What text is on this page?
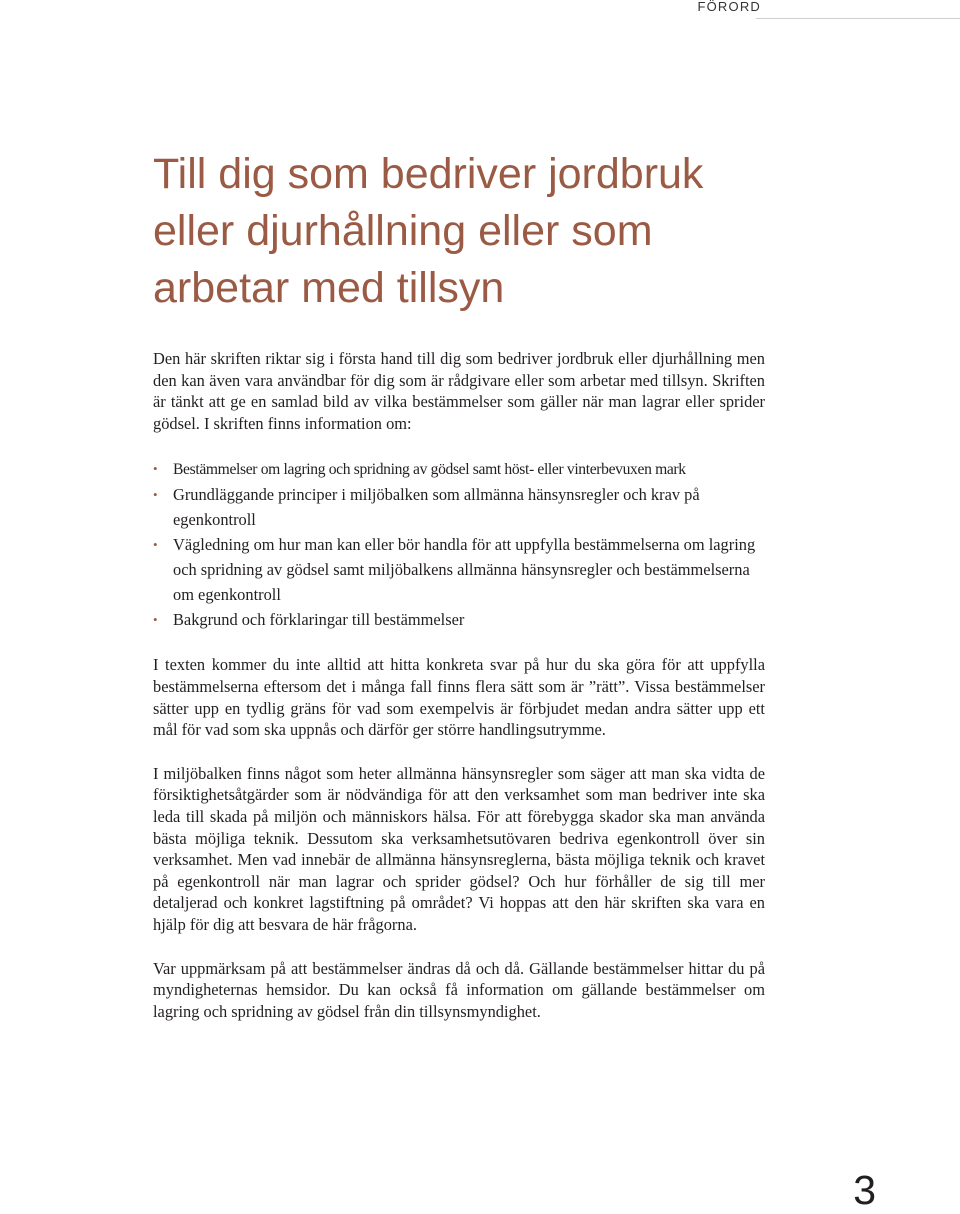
FÖRORD
Till dig som bedriver jordbruk eller djurhållning eller som arbetar med tillsyn

Den här skriften riktar sig i första hand till dig som bedriver jordbruk eller djurhållning men den kan även vara användbar för dig som är rådgivare eller som arbetar med tillsyn. Skriften är tänkt att ge en samlad bild av vilka bestämmelser som gäller när man lagrar eller sprider gödsel. I skriften finns information om:

• Bestämmelser om lagring och spridning av gödsel samt höst- eller vinterbevuxen mark
• Grundläggande principer i miljöbalken som allmänna hänsynsregler och krav på egenkontroll
• Vägledning om hur man kan eller bör handla för att uppfylla bestämmelserna om lagring och spridning av gödsel samt miljöbalkens allmänna hänsynsregler och bestämmelserna om egenkontroll
• Bakgrund och förklaringar till bestämmelser

I texten kommer du inte alltid att hitta konkreta svar på hur du ska göra för att uppfylla bestämmelserna eftersom det i många fall finns flera sätt som är ”rätt”. Vissa bestämmelser sätter upp en tydlig gräns för vad som exempelvis är förbjudet medan andra sätter upp ett mål för vad som ska uppnås och därför ger större handlingsutrymme.

I miljöbalken finns något som heter allmänna hänsynsregler som säger att man ska vidta de försiktighetsåtgärder som är nödvändiga för att den verksamhet som man bedriver inte ska leda till skada på miljön och människors hälsa. För att förebygga skador ska man använda bästa möjliga teknik. Dessutom ska verksamhetsutövaren bedriva egenkontroll över sin verksamhet. Men vad innebär de allmänna hänsynsreglerna, bästa möjliga teknik och kravet på egenkontroll när man lagrar och sprider gödsel? Och hur förhåller de sig till mer detaljerad och konkret lagstiftning på området? Vi hoppas att den här skriften ska vara en hjälp för dig att besvara de här frågorna.

Var uppmärksam på att bestämmelser ändras då och då. Gällande bestämmelser hittar du på myndigheternas hemsidor. Du kan också få information om gällande bestämmelser om lagring och spridning av gödsel från din tillsynsmyndighet.

3
